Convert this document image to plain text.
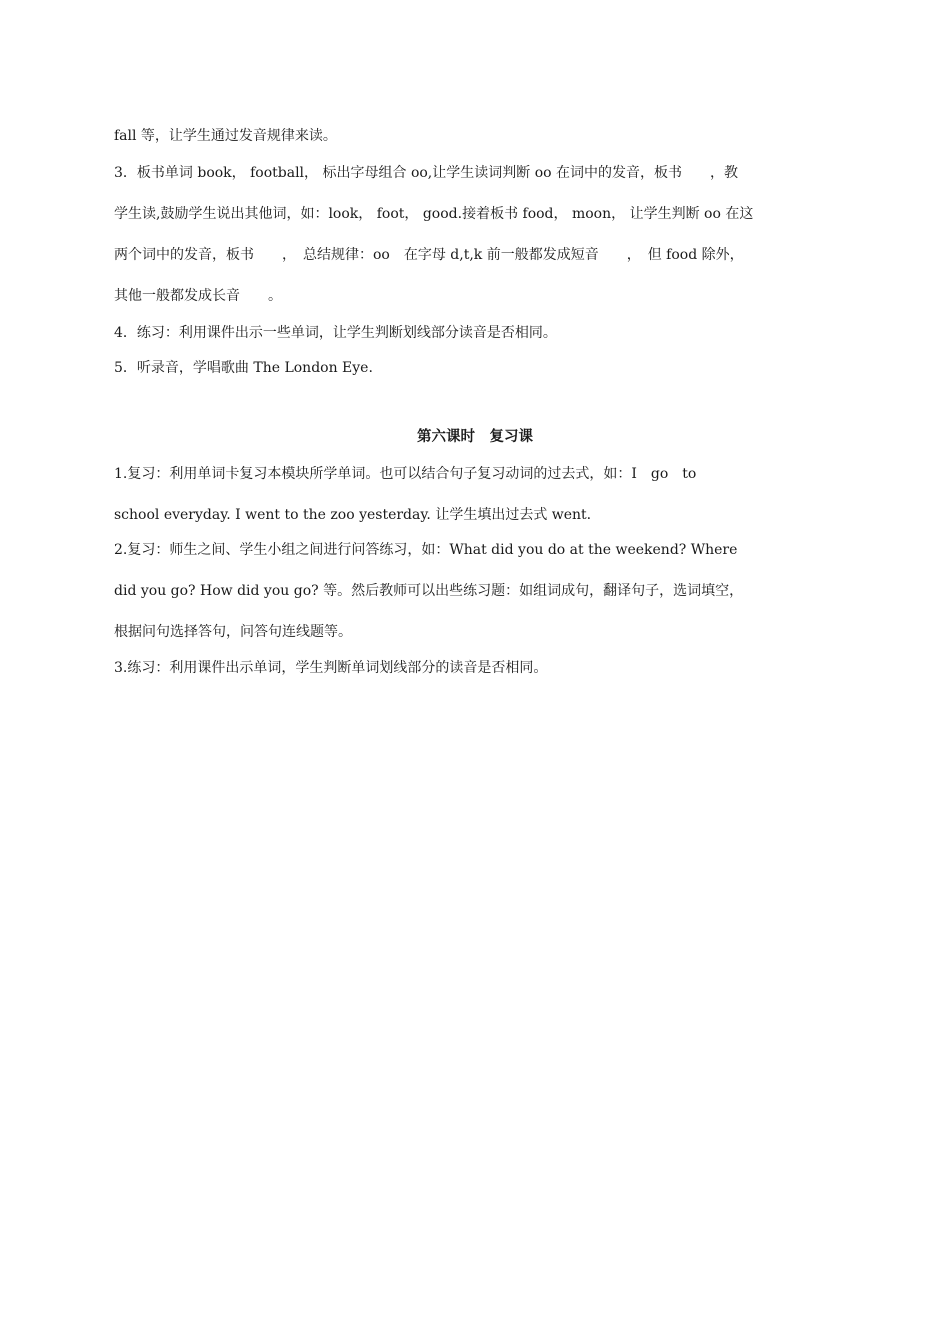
fall 等，让学生通过发音规律来读。
3．板书单词 book， football， 标出字母组合 oo,让学生读词判断 oo 在词中的发音，板书　　，教
学生读,鼓励学生说出其他词，如：look， foot， good.接着板书 food， moon， 让学生判断 oo 在这
两个词中的发音，板书　　，　总结规律：oo　在字母 d,t,k 前一般都发成短音　　，　但 food 除外，
其他一般都发成长音　　。
4．练习：利用课件出示一些单词，让学生判断划线部分读音是否相同。
5．听录音，学唱歌曲 The London Eye.
第六课时　复习课
1.复习：利用单词卡复习本模块所学单词。也可以结合句子复习动词的过去式，如：I　go　to
school everyday. I went to the zoo yesterday. 让学生填出过去式 went.
2.复习：师生之间、学生小组之间进行问答练习，如：What did you do at the weekend? Where
did you go? How did you go? 等。然后教师可以出些练习题：如组词成句，翻译句子，选词填空，
根据问句选择答句，问答句连线题等。
3.练习：利用课件出示单词，学生判断单词划线部分的读音是否相同。
